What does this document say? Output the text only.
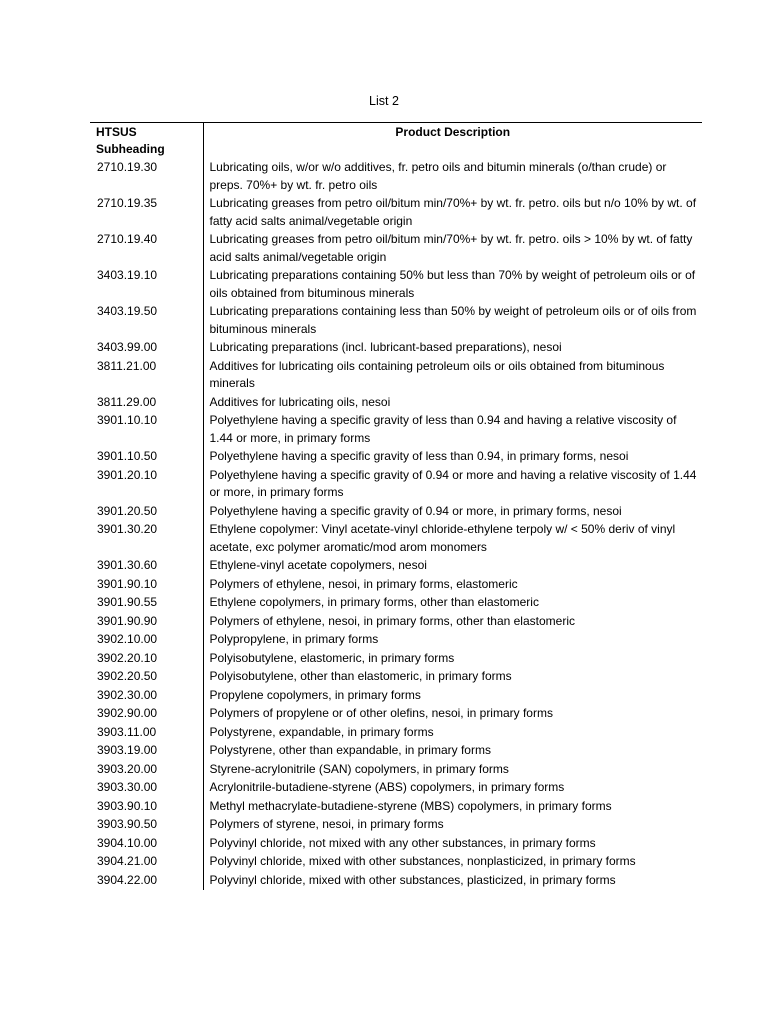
List 2
HTSUS Subheading	Product Description
2710.19.30	Lubricating oils, w/or w/o additives, fr. petro oils and bitumin minerals (o/than crude) or preps. 70%+ by wt. fr. petro oils
2710.19.35	Lubricating greases from petro oil/bitum min/70%+ by wt. fr. petro. oils but n/o 10% by wt. of fatty acid salts animal/vegetable origin
2710.19.40	Lubricating greases from petro oil/bitum min/70%+ by wt. fr. petro. oils > 10% by wt. of fatty acid salts animal/vegetable origin
3403.19.10	Lubricating preparations containing 50% but less than 70% by weight of petroleum oils or of oils obtained from bituminous minerals
3403.19.50	Lubricating preparations containing less than 50% by weight of petroleum oils or of oils from bituminous minerals
3403.99.00	Lubricating preparations (incl. lubricant-based preparations), nesoi
3811.21.00	Additives for lubricating oils containing petroleum oils or oils obtained from bituminous minerals
3811.29.00	Additives for lubricating oils, nesoi
3901.10.10	Polyethylene having a specific gravity of less than 0.94 and having a relative viscosity of 1.44 or more, in primary forms
3901.10.50	Polyethylene having a specific gravity of less than 0.94, in primary forms, nesoi
3901.20.10	Polyethylene having a specific gravity of 0.94 or more and having a relative viscosity of 1.44 or more, in primary forms
3901.20.50	Polyethylene having a specific gravity of 0.94 or more, in primary forms, nesoi
3901.30.20	Ethylene copolymer: Vinyl acetate-vinyl chloride-ethylene terpoly w/ < 50% deriv of vinyl acetate, exc polymer aromatic/mod arom monomers
3901.30.60	Ethylene-vinyl acetate copolymers, nesoi
3901.90.10	Polymers of ethylene, nesoi, in primary forms, elastomeric
3901.90.55	Ethylene copolymers, in primary forms, other than elastomeric
3901.90.90	Polymers of ethylene, nesoi, in primary forms, other than elastomeric
3902.10.00	Polypropylene, in primary forms
3902.20.10	Polyisobutylene, elastomeric, in primary forms
3902.20.50	Polyisobutylene, other than elastomeric, in primary forms
3902.30.00	Propylene copolymers, in primary forms
3902.90.00	Polymers of propylene or of other olefins, nesoi, in primary forms
3903.11.00	Polystyrene, expandable, in primary forms
3903.19.00	Polystyrene, other than expandable, in primary forms
3903.20.00	Styrene-acrylonitrile (SAN) copolymers, in primary forms
3903.30.00	Acrylonitrile-butadiene-styrene (ABS) copolymers, in primary forms
3903.90.10	Methyl methacrylate-butadiene-styrene (MBS) copolymers, in primary forms
3903.90.50	Polymers of styrene, nesoi, in primary forms
3904.10.00	Polyvinyl chloride, not mixed with any other substances, in primary forms
3904.21.00	Polyvinyl chloride, mixed with other substances, nonplasticized, in primary forms
3904.22.00	Polyvinyl chloride, mixed with other substances, plasticized, in primary forms
